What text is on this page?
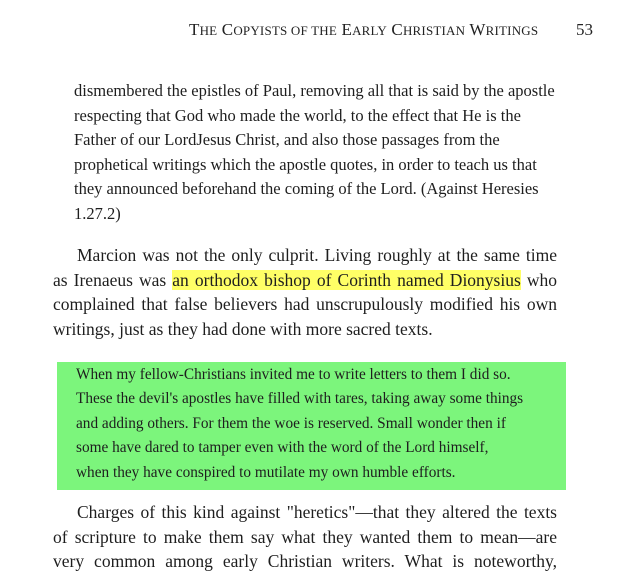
THE COPYISTS OF THE EARLY CHRISTIAN WRITINGS 53
dismembered the epistles of Paul, removing all that is said by the apostle
respecting that God who made the world, to the effect that He is the
Father of our LordJesus Christ, and also those passages from the
prophetical writings which the apostle quotes, in order to teach us that
they announced beforehand the coming of the Lord. (Against Heresies
1.27.2)
Marcion was not the only culprit. Living roughly at the same time
as Irenaeus was an orthodox bishop of Corinth named Dionysius who
complained that false believers had unscrupulously modified his own
writings, just as they had done with more sacred texts.
When my fellow-Christians invited me to write letters to them I did so.
These the devil's apostles have filled with tares, taking away some things
and adding others. For them the woe is reserved. Small wonder then if
some have dared to tamper even with the word of the Lord himself,
when they have conspired to mutilate my own humble efforts.
Charges of this kind against "heretics"—that they altered the texts
of scripture to make them say what they wanted them to mean—are
very common among early Christian writers. What is noteworthy,
